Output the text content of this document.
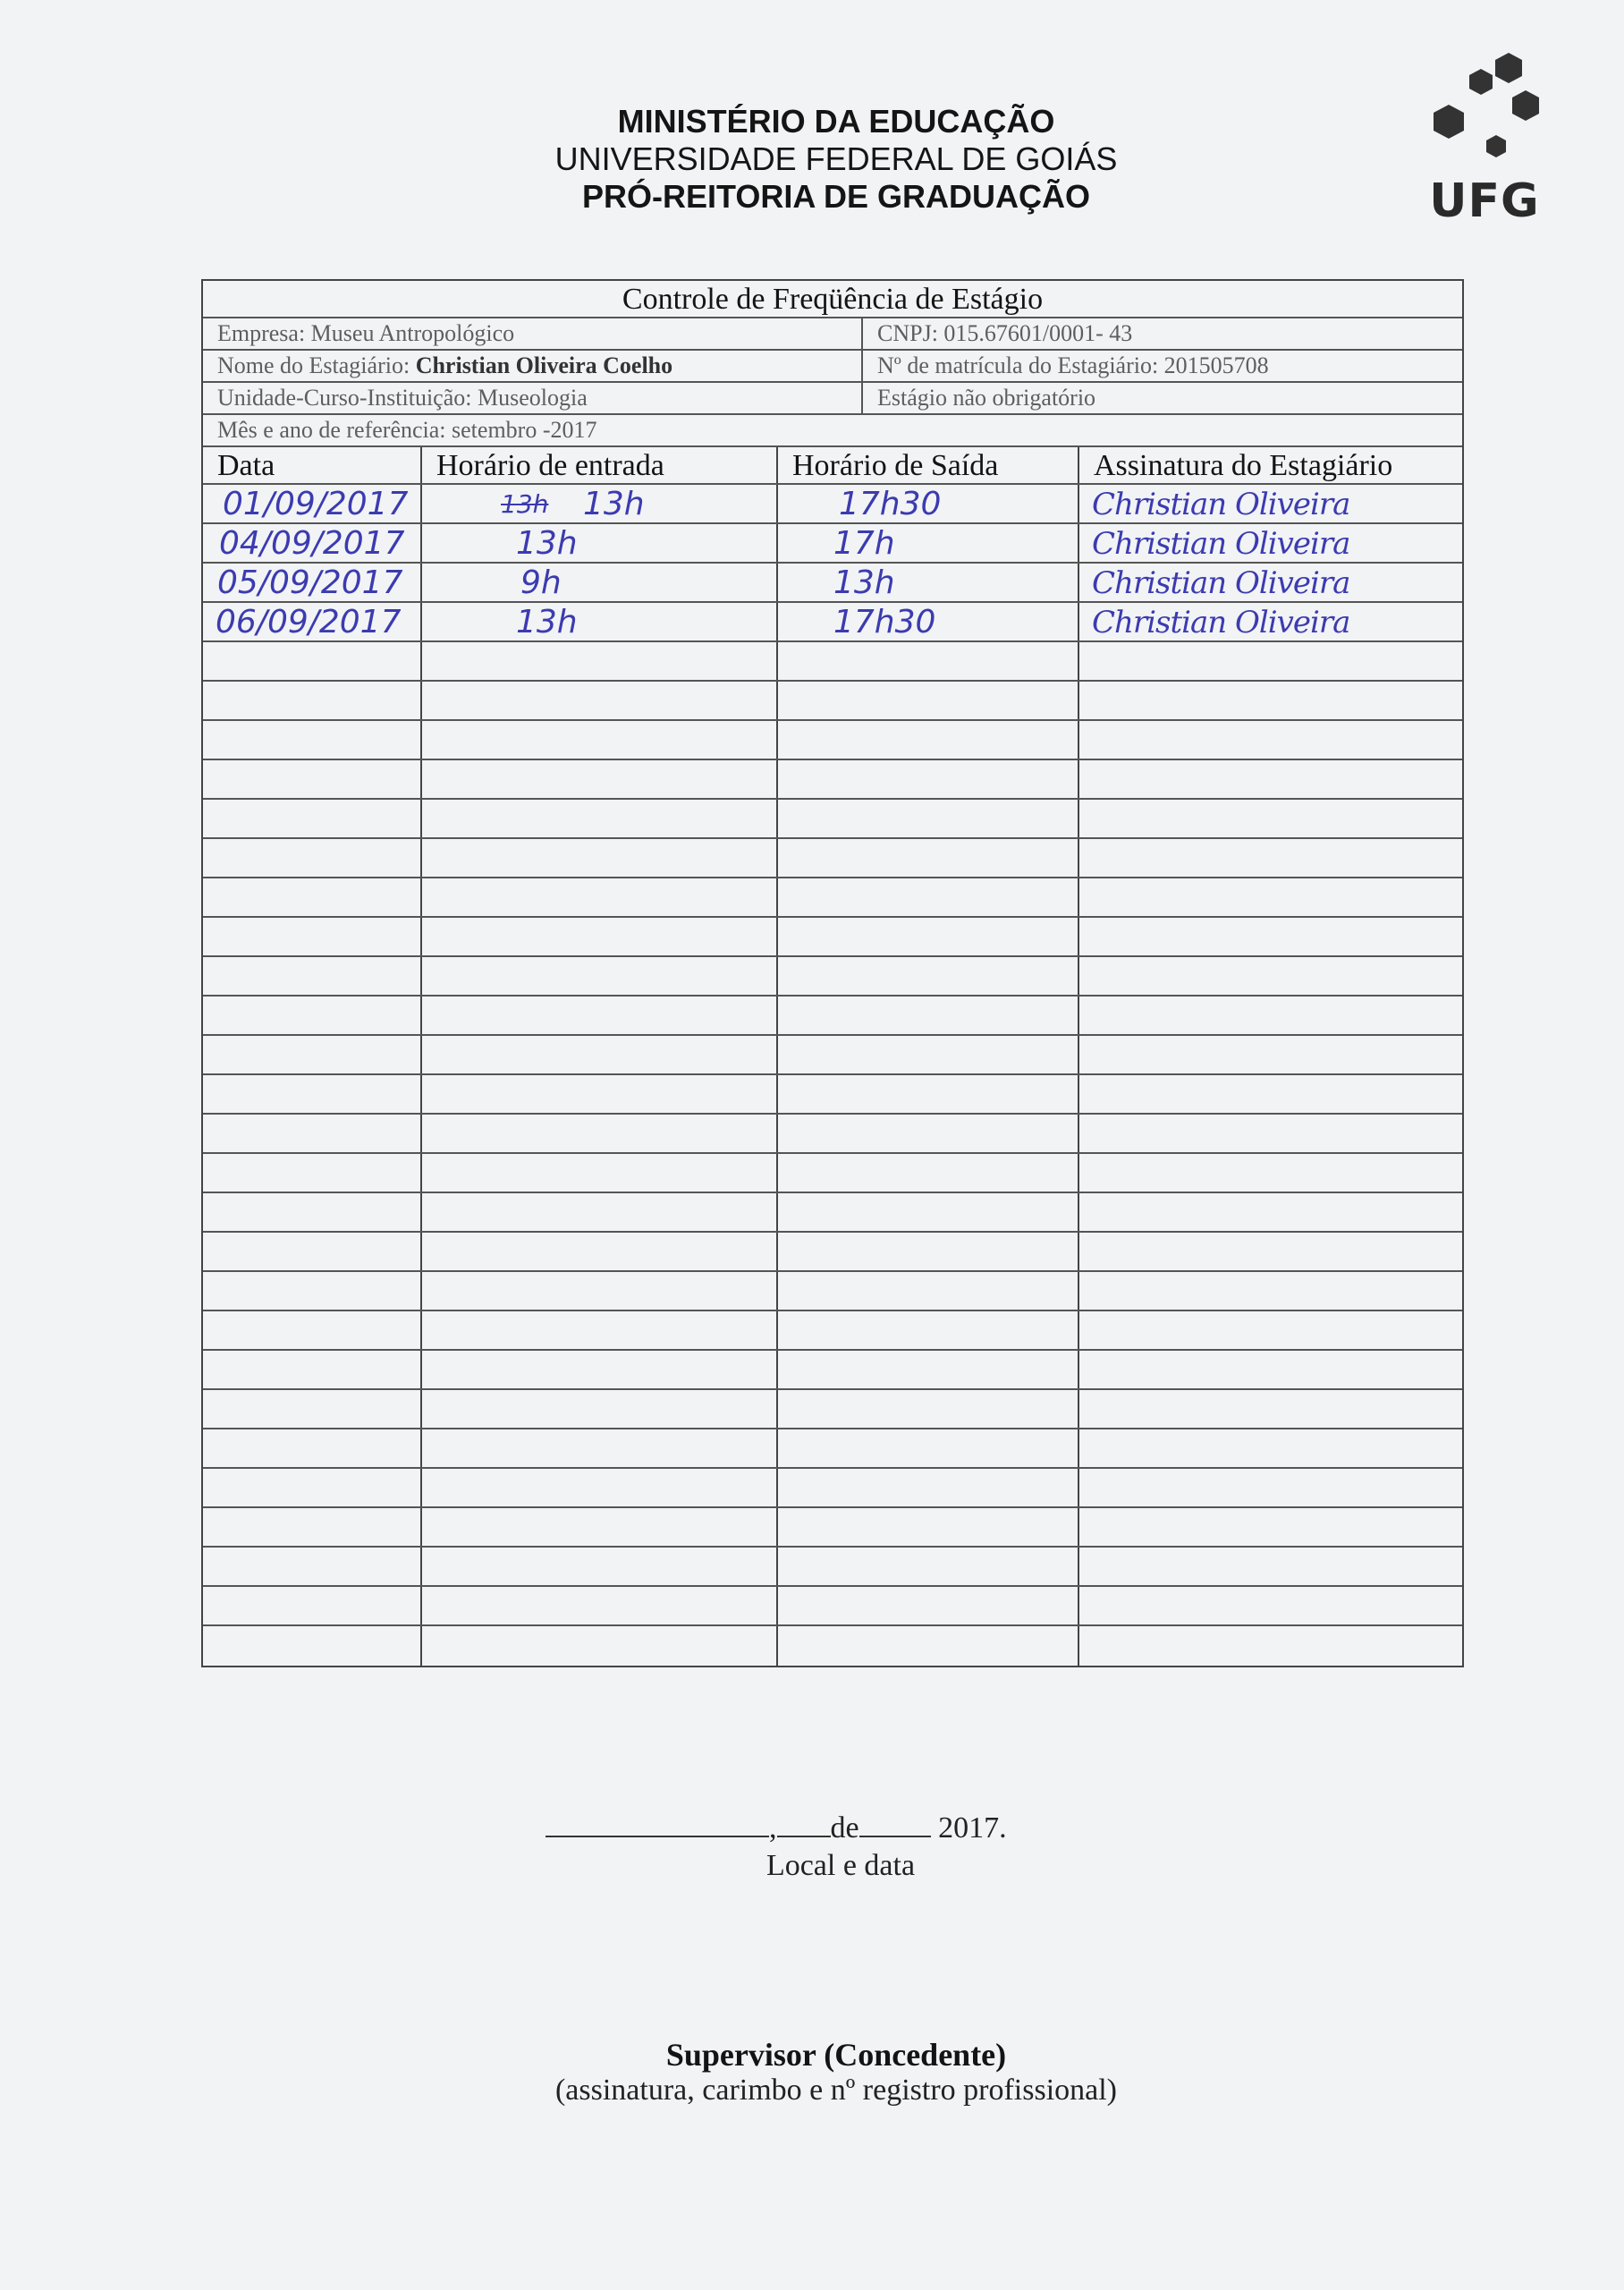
MINISTÉRIO DA EDUCAÇÃO
UNIVERSIDADE FEDERAL DE GOIÁS
PRÓ-REITORIA DE GRADUAÇÃO	UFG
Controle de Freqüência de Estágio
Empresa: Museu Antropológico	CNPJ: 015.67601/0001- 43
Nome do Estagiário: Christian Oliveira Coelho	Nº de matrícula do Estagiário: 201505708
Unidade-Curso-Instituição: Museologia	Estágio não obrigatório
Mês e ano de referência: setembro -2017
Data	Horário de entrada	Horário de Saída	Assinatura do Estagiário
01/09/2017	13h 13h	17h30	Christian Oliveira
04/09/2017	13h	17h	Christian Oliveira
05/09/2017	9h	13h	Christian Oliveira
06/09/2017	13h	17h30	Christian Oliveira
, de	2017.
Local e data
Supervisor (Concedente)
(assinatura, carimbo e nº registro profissional)
